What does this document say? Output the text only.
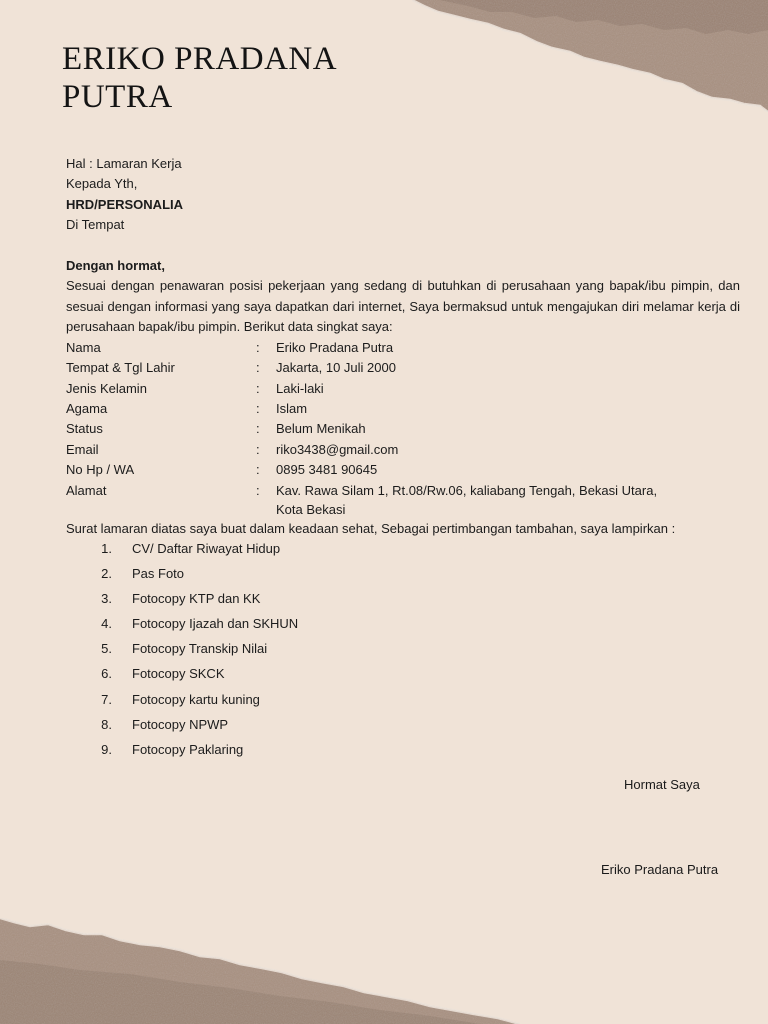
ERIKO PRADANA
PUTRA

Hal : Lamaran Kerja

Kepada Yth,

HRD/PERSONALIA

Di Tempat

Dengan hormat,

Sesuai dengan penawaran posisi pekerjaan yang sedang di butuhkan di perusahaan yang bapak/ibu pimpin, dan sesuai dengan informasi yang saya dapatkan dari internet, Saya bermaksud untuk mengajukan diri melamar kerja di perusahaan bapak/ibu pimpin. Berikut data singkat saya:

Nama	:	Eriko Pradana Putra
Tempat & Tgl Lahir	:	Jakarta, 10 Juli 2000
Jenis Kelamin	:	Laki-laki
Agama	:	Islam
Status	:	Belum Menikah
Email	:	riko3438@gmail.com
No Hp / WA	:	0895 3481 90645
Alamat	:	Kav. Rawa Silam 1, Rt.08/Rw.06, kaliabang Tengah, Bekasi Utara,
Kota Bekasi

Surat lamaran diatas saya buat dalam keadaan sehat, Sebagai pertimbangan tambahan, saya lampirkan :

1. CV/ Daftar Riwayat Hidup
2. Pas Foto
3. Fotocopy KTP dan KK
4. Fotocopy Ijazah dan SKHUN
5. Fotocopy Transkip Nilai
6. Fotocopy SKCK
7. Fotocopy kartu kuning
8. Fotocopy NPWP
9. Fotocopy Paklaring

Hormat Saya

Eriko Pradana Putra
